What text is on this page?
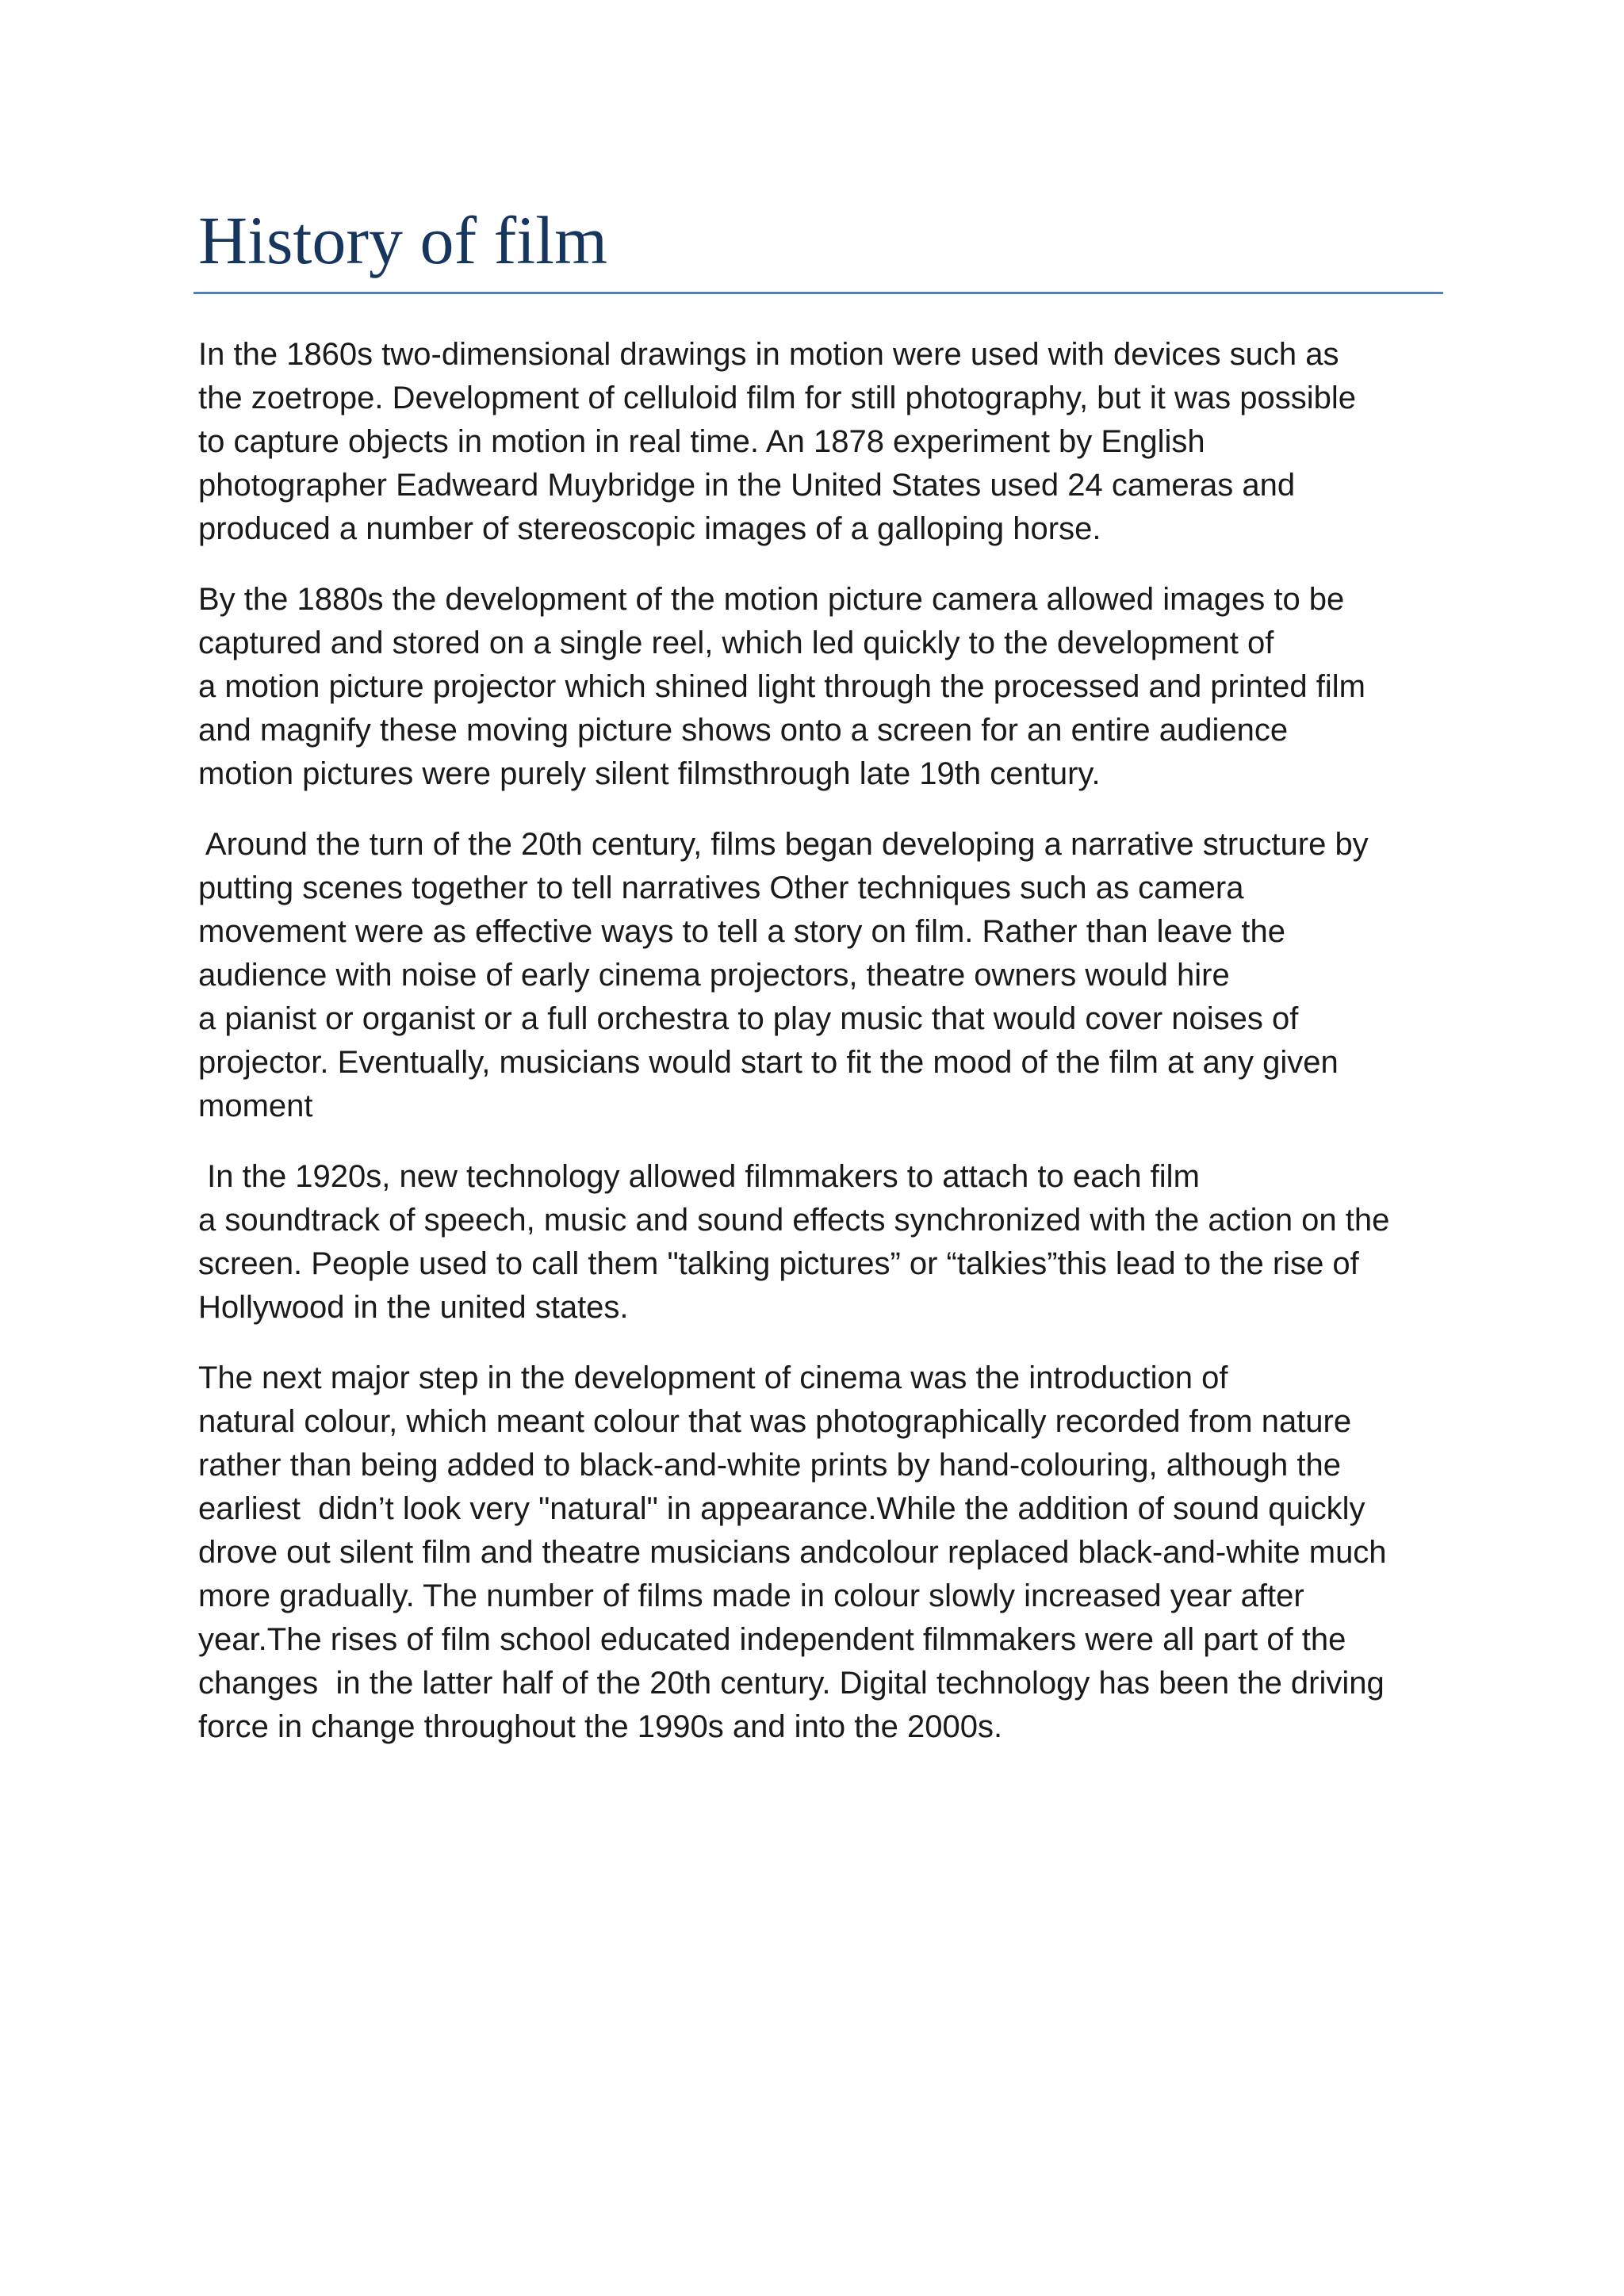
History of film

In the 1860s two-dimensional drawings in motion were used with devices such as
the zoetrope. Development of celluloid film for still photography, but it was possible
to capture objects in motion in real time. An 1878 experiment by English
photographer Eadweard Muybridge in the United States used 24 cameras and
produced a number of stereoscopic images of a galloping horse.

By the 1880s the development of the motion picture camera allowed images to be
captured and stored on a single reel, which led quickly to the development of
a motion picture projector which shined light through the processed and printed film
and magnify these moving picture shows onto a screen for an entire audience
motion pictures were purely silent filmsthrough late 19th century.

Around the turn of the 20th century, films began developing a narrative structure by
putting scenes together to tell narratives Other techniques such as camera
movement were as effective ways to tell a story on film. Rather than leave the
audience with noise of early cinema projectors, theatre owners would hire
a pianist or organist or a full orchestra to play music that would cover noises of
projector. Eventually, musicians would start to fit the mood of the film at any given
moment

In the 1920s, new technology allowed filmmakers to attach to each film
a soundtrack of speech, music and sound effects synchronized with the action on the
screen. People used to call them "talking pictures” or “talkies”this lead to the rise of
Hollywood in the united states.

The next major step in the development of cinema was the introduction of
natural colour, which meant colour that was photographically recorded from nature
rather than being added to black-and-white prints by hand-colouring, although the
earliest  didn’t look very "natural" in appearance.While the addition of sound quickly
drove out silent film and theatre musicians andcolour replaced black-and-white much
more gradually. The number of films made in colour slowly increased year after
year.The rises of film school educated independent filmmakers were all part of the
changes  in the latter half of the 20th century. Digital technology has been the driving
force in change throughout the 1990s and into the 2000s.
